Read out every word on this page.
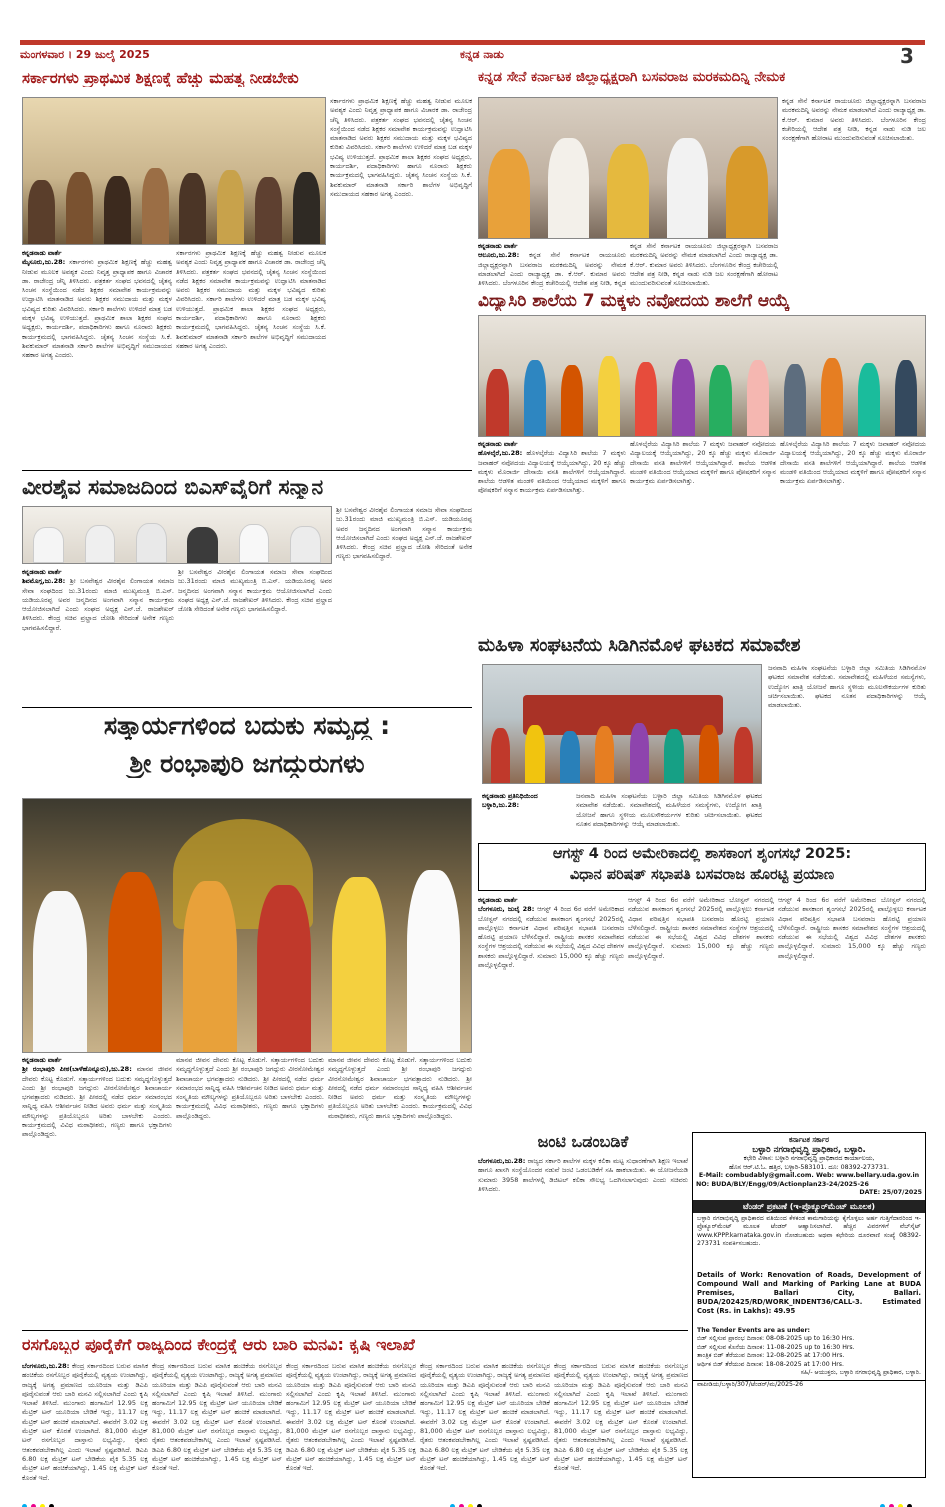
ಮಂಗಳವಾರ । 29 ಜುಲೈ 2025	ಕನ್ನಡ ನಾಡು	3
ಸರ್ಕಾರಗಳು ಪ್ರಾಥಮಿಕ ಶಿಕ್ಷಣಕ್ಕೆ ಹೆಚ್ಚು ಮಹತ್ವ ನೀಡಬೇಕು
ಕನ್ನಡನಾಡು ವಾರ್ತೆ
ಮೈಸೂರು,ಜು.28: ಸರ್ಕಾರಗಳು ಪ್ರಾಥಮಿಕ ಶಿಕ್ಷಣಕ್ಕೆ ಹೆಚ್ಚು ಮಹತ್ವ ನೀಡುವ ಮೂಲಕ ಅವಶ್ಯಕ ಎಂದು ನಿವೃತ್ತ ಪ್ರಾಧ್ಯಾಪಕ ಹಾಗೂ ವಿಚಾರಕ ಡಾ. ರಾಜೇಂದ್ರ ಚೆನ್ನಿ ತಿಳಿಸಿದರು. ಪತ್ರಕರ್ತ ಸಂಘದ ಭವನದಲ್ಲಿ ಚೈತನ್ಯ ಸಿಂಚನ ಸಂಸ್ಥೆಯಿಂದ ನಡೆದ ಶಿಕ್ಷಕರ ಸಮಾವೇಶ ಕಾರ್ಯಕ್ರಮವನ್ನು ಉದ್ಘಾಟಿಸಿ ಮಾತನಾಡಿದ ಅವರು ಶಿಕ್ಷಕರ ಸಮುದಾಯ ಮತ್ತು ಮಕ್ಕಳ ಭವಿಷ್ಯದ ಕುರಿತು ವಿವರಿಸಿದರು. ಸರ್ಕಾರಿ ಶಾಲೆಗಳು ಉಳಿದರೆ ಮಾತ್ರ ಬಡ ಮಕ್ಕಳ ಭವಿಷ್ಯ ಉಳಿಯುತ್ತದೆ. ಪ್ರಾಥಮಿಕ ಶಾಲಾ ಶಿಕ್ಷಕರ ಸಂಘದ ಅಧ್ಯಕ್ಷರು, ಕಾರ್ಯದರ್ಶಿ, ಪದಾಧಿಕಾರಿಗಳು ಹಾಗೂ ನೂರಾರು ಶಿಕ್ಷಕರು ಕಾರ್ಯಕ್ರಮದಲ್ಲಿ ಭಾಗವಹಿಸಿದ್ದರು. ಚೈತನ್ಯ ಸಿಂಚನ ಸಂಸ್ಥೆಯ ಸಿ.ಕೆ. ಶಿವಕುಮಾರ್ ಮಾತನಾಡಿ ಸರ್ಕಾರಿ ಶಾಲೆಗಳ ಅಭಿವೃದ್ಧಿಗೆ ಸಮುದಾಯದ ಸಹಕಾರ ಅಗತ್ಯ ಎಂದರು.
ಸರ್ಕಾರಗಳು ಪ್ರಾಥಮಿಕ ಶಿಕ್ಷಣಕ್ಕೆ ಹೆಚ್ಚು ಮಹತ್ವ ನೀಡುವ ಮೂಲಕ ಅವಶ್ಯಕ ಎಂದು ನಿವೃತ್ತ ಪ್ರಾಧ್ಯಾಪಕ ಹಾಗೂ ವಿಚಾರಕ ಡಾ. ರಾಜೇಂದ್ರ ಚೆನ್ನಿ ತಿಳಿಸಿದರು. ಪತ್ರಕರ್ತ ಸಂಘದ ಭವನದಲ್ಲಿ ಚೈತನ್ಯ ಸಿಂಚನ ಸಂಸ್ಥೆಯಿಂದ ನಡೆದ ಶಿಕ್ಷಕರ ಸಮಾವೇಶ ಕಾರ್ಯಕ್ರಮವನ್ನು ಉದ್ಘಾಟಿಸಿ ಮಾತನಾಡಿದ ಅವರು ಶಿಕ್ಷಕರ ಸಮುದಾಯ ಮತ್ತು ಮಕ್ಕಳ ಭವಿಷ್ಯದ ಕುರಿತು ವಿವರಿಸಿದರು. ಸರ್ಕಾರಿ ಶಾಲೆಗಳು ಉಳಿದರೆ ಮಾತ್ರ ಬಡ ಮಕ್ಕಳ ಭವಿಷ್ಯ ಉಳಿಯುತ್ತದೆ. ಪ್ರಾಥಮಿಕ ಶಾಲಾ ಶಿಕ್ಷಕರ ಸಂಘದ ಅಧ್ಯಕ್ಷರು, ಕಾರ್ಯದರ್ಶಿ, ಪದಾಧಿಕಾರಿಗಳು ಹಾಗೂ ನೂರಾರು ಶಿಕ್ಷಕರು ಕಾರ್ಯಕ್ರಮದಲ್ಲಿ ಭಾಗವಹಿಸಿದ್ದರು. ಚೈತನ್ಯ ಸಿಂಚನ ಸಂಸ್ಥೆಯ ಸಿ.ಕೆ. ಶಿವಕುಮಾರ್ ಮಾತನಾಡಿ ಸರ್ಕಾರಿ ಶಾಲೆಗಳ ಅಭಿವೃದ್ಧಿಗೆ ಸಮುದಾಯದ ಸಹಕಾರ ಅಗತ್ಯ ಎಂದರು.
ಸರ್ಕಾರಗಳು ಪ್ರಾಥಮಿಕ ಶಿಕ್ಷಣಕ್ಕೆ ಹೆಚ್ಚು ಮಹತ್ವ ನೀಡುವ ಮೂಲಕ ಅವಶ್ಯಕ ಎಂದು ನಿವೃತ್ತ ಪ್ರಾಧ್ಯಾಪಕ ಹಾಗೂ ವಿಚಾರಕ ಡಾ. ರಾಜೇಂದ್ರ ಚೆನ್ನಿ ತಿಳಿಸಿದರು. ಪತ್ರಕರ್ತ ಸಂಘದ ಭವನದಲ್ಲಿ ಚೈತನ್ಯ ಸಿಂಚನ ಸಂಸ್ಥೆಯಿಂದ ನಡೆದ ಶಿಕ್ಷಕರ ಸಮಾವೇಶ ಕಾರ್ಯಕ್ರಮವನ್ನು ಉದ್ಘಾಟಿಸಿ ಮಾತನಾಡಿದ ಅವರು ಶಿಕ್ಷಕರ ಸಮುದಾಯ ಮತ್ತು ಮಕ್ಕಳ ಭವಿಷ್ಯದ ಕುರಿತು ವಿವರಿಸಿದರು. ಸರ್ಕಾರಿ ಶಾಲೆಗಳು ಉಳಿದರೆ ಮಾತ್ರ ಬಡ ಮಕ್ಕಳ ಭವಿಷ್ಯ ಉಳಿಯುತ್ತದೆ. ಪ್ರಾಥಮಿಕ ಶಾಲಾ ಶಿಕ್ಷಕರ ಸಂಘದ ಅಧ್ಯಕ್ಷರು, ಕಾರ್ಯದರ್ಶಿ, ಪದಾಧಿಕಾರಿಗಳು ಹಾಗೂ ನೂರಾರು ಶಿಕ್ಷಕರು ಕಾರ್ಯಕ್ರಮದಲ್ಲಿ ಭಾಗವಹಿಸಿದ್ದರು. ಚೈತನ್ಯ ಸಿಂಚನ ಸಂಸ್ಥೆಯ ಸಿ.ಕೆ. ಶಿವಕುಮಾರ್ ಮಾತನಾಡಿ ಸರ್ಕಾರಿ ಶಾಲೆಗಳ ಅಭಿವೃದ್ಧಿಗೆ ಸಮುದಾಯದ ಸಹಕಾರ ಅಗತ್ಯ ಎಂದರು.
ಕನ್ನಡ ಸೇನೆ ಕರ್ನಾಟಕ ಜಿಲ್ಲಾಧ್ಯಕ್ಷರಾಗಿ ಬಸವರಾಜ ಮರಕಮದಿನ್ನಿ ನೇಮಕ
ಕನ್ನಡ ಸೇನೆ ಕರ್ನಾಟಕ ರಾಯಚೂರು ಜಿಲ್ಲಾಧ್ಯಕ್ಷರನ್ನಾಗಿ ಬಸವರಾಜ ಮರಕಮದಿನ್ನಿ ಅವರನ್ನು ನೇಮಕ ಮಾಡಲಾಗಿದೆ ಎಂದು ರಾಜ್ಯಾಧ್ಯಕ್ಷ ಡಾ. ಕೆ.ಆರ್. ಕುಮಾರ ಅವರು ತಿಳಿಸಿದರು. ಬೆಂಗಳೂರಿನ ಕೇಂದ್ರ ಕಚೇರಿಯಲ್ಲಿ ಆದೇಶ ಪತ್ರ ನೀಡಿ, ಕನ್ನಡ ನಾಡು ನುಡಿ ಜಲ ಸಂರಕ್ಷಣೆಗಾಗಿ ಹೋರಾಟ ಮುಂದುವರಿಸುವಂತೆ ಸೂಚಿಸಲಾಯಿತು.
ಕನ್ನಡನಾಡು ವಾರ್ತೆ
ಆಲೂರು,ಜು.28: ಕನ್ನಡ ಸೇನೆ ಕರ್ನಾಟಕ ರಾಯಚೂರು ಜಿಲ್ಲಾಧ್ಯಕ್ಷರನ್ನಾಗಿ ಬಸವರಾಜ ಮರಕಮದಿನ್ನಿ ಅವರನ್ನು ನೇಮಕ ಮಾಡಲಾಗಿದೆ ಎಂದು ರಾಜ್ಯಾಧ್ಯಕ್ಷ ಡಾ. ಕೆ.ಆರ್. ಕುಮಾರ ಅವರು ತಿಳಿಸಿದರು. ಬೆಂಗಳೂರಿನ ಕೇಂದ್ರ ಕಚೇರಿಯಲ್ಲಿ ಆದೇಶ ಪತ್ರ ನೀಡಿ, ಕನ್ನಡ
ಕನ್ನಡ ಸೇನೆ ಕರ್ನಾಟಕ ರಾಯಚೂರು ಜಿಲ್ಲಾಧ್ಯಕ್ಷರನ್ನಾಗಿ ಬಸವರಾಜ ಮರಕಮದಿನ್ನಿ ಅವರನ್ನು ನೇಮಕ ಮಾಡಲಾಗಿದೆ ಎಂದು ರಾಜ್ಯಾಧ್ಯಕ್ಷ ಡಾ. ಕೆ.ಆರ್. ಕುಮಾರ ಅವರು ತಿಳಿಸಿದರು. ಬೆಂಗಳೂರಿನ ಕೇಂದ್ರ ಕಚೇರಿಯಲ್ಲಿ ಆದೇಶ ಪತ್ರ ನೀಡಿ, ಕನ್ನಡ ನಾಡು ನುಡಿ ಜಲ ಸಂರಕ್ಷಣೆಗಾಗಿ ಹೋರಾಟ ಮುಂದುವರಿಸುವಂತೆ ಸೂಚಿಸಲಾಯಿತು.
ವಿದ್ಯಾಸಿರಿ ಶಾಲೆಯ 7 ಮಕ್ಕಳು ನವೋದಯ ಶಾಲೆಗೆ ಆಯ್ಕೆ
ಕನ್ನಡನಾಡು ವಾರ್ತೆ
ಹೊಳಲ್ಕೆರೆ,ಜು.28: ಹೊಳಲ್ಕೆರೆಯ ವಿದ್ಯಾಸಿರಿ ಶಾಲೆಯ 7 ಮಕ್ಕಳು ಜವಾಹರ್ ನವೋದಯ ವಿದ್ಯಾಲಯಕ್ಕೆ ಆಯ್ಕೆಯಾಗಿದ್ದು, 20 ಕ್ಕೂ ಹೆಚ್ಚು ಮಕ್ಕಳು ಮೊರಾರ್ಜಿ ದೇಸಾಯಿ ವಸತಿ ಶಾಲೆಗಳಿಗೆ ಆಯ್ಕೆಯಾಗಿದ್ದಾರೆ. ಶಾಲೆಯ ಆಡಳಿತ ಮಂಡಳಿ ವತಿಯಿಂದ ಆಯ್ಕೆಯಾದ ಮಕ್ಕಳಿಗೆ ಹಾಗೂ ಪೋಷಕರಿಗೆ ಸನ್ಮಾನ ಕಾರ್ಯಕ್ರಮ ಏರ್ಪಡಿಸಲಾಗಿತ್ತು.
ಹೊಳಲ್ಕೆರೆಯ ವಿದ್ಯಾಸಿರಿ ಶಾಲೆಯ 7 ಮಕ್ಕಳು ಜವಾಹರ್ ನವೋದಯ ವಿದ್ಯಾಲಯಕ್ಕೆ ಆಯ್ಕೆಯಾಗಿದ್ದು, 20 ಕ್ಕೂ ಹೆಚ್ಚು ಮಕ್ಕಳು ಮೊರಾರ್ಜಿ ದೇಸಾಯಿ ವಸತಿ ಶಾಲೆಗಳಿಗೆ ಆಯ್ಕೆಯಾಗಿದ್ದಾರೆ. ಶಾಲೆಯ ಆಡಳಿತ ಮಂಡಳಿ ವತಿಯಿಂದ ಆಯ್ಕೆಯಾದ ಮಕ್ಕಳಿಗೆ ಹಾಗೂ ಪೋಷಕರಿಗೆ ಸನ್ಮಾನ ಕಾರ್ಯಕ್ರಮ ಏರ್ಪಡಿಸಲಾಗಿತ್ತು.
ಹೊಳಲ್ಕೆರೆಯ ವಿದ್ಯಾಸಿರಿ ಶಾಲೆಯ 7 ಮಕ್ಕಳು ಜವಾಹರ್ ನವೋದಯ ವಿದ್ಯಾಲಯಕ್ಕೆ ಆಯ್ಕೆಯಾಗಿದ್ದು, 20 ಕ್ಕೂ ಹೆಚ್ಚು ಮಕ್ಕಳು ಮೊರಾರ್ಜಿ ದೇಸಾಯಿ ವಸತಿ ಶಾಲೆಗಳಿಗೆ ಆಯ್ಕೆಯಾಗಿದ್ದಾರೆ. ಶಾಲೆಯ ಆಡಳಿತ ಮಂಡಳಿ ವತಿಯಿಂದ ಆಯ್ಕೆಯಾದ ಮಕ್ಕಳಿಗೆ ಹಾಗೂ ಪೋಷಕರಿಗೆ ಸನ್ಮಾನ ಕಾರ್ಯಕ್ರಮ ಏರ್ಪಡಿಸಲಾಗಿತ್ತು.
ವೀರಶೈವ ಸಮಾಜದಿಂದ ಬಿಎಸ್‌ವೈರಿಗೆ ಸನ್ಮಾನ
ಶ್ರೀ ಬಸವೇಶ್ವರ ವೀರಶೈವ ಲಿಂಗಾಯತ ಸಮಾಜ ಸೇವಾ ಸಂಘದಿಂದ ಜು.31ರಂದು ಮಾಜಿ ಮುಖ್ಯಮಂತ್ರಿ ಬಿ.ಎಸ್. ಯಡಿಯೂರಪ್ಪ ಅವರ ಜನ್ಮದಿನದ ಅಂಗವಾಗಿ ಸನ್ಮಾನ ಕಾರ್ಯಕ್ರಮ ಆಯೋಜಿಸಲಾಗಿದೆ ಎಂದು ಸಂಘದ ಅಧ್ಯಕ್ಷ ಎನ್.ಜೆ. ರಾಜಶೇಖರ್ ತಿಳಿಸಿದರು. ಕೇಂದ್ರ ಸಚಿವ ಪ್ರಲ್ಹಾದ ಜೋಶಿ ಸೇರಿದಂತೆ ಅನೇಕ ಗಣ್ಯರು ಭಾಗವಹಿಸಲಿದ್ದಾರೆ.
ಕನ್ನಡನಾಡು ವಾರ್ತೆ
ಶಿವಮೊಗ್ಗ,ಜು.28: ಶ್ರೀ ಬಸವೇಶ್ವರ ವೀರಶೈವ ಲಿಂಗಾಯತ ಸಮಾಜ ಸೇವಾ ಸಂಘದಿಂದ ಜು.31ರಂದು ಮಾಜಿ ಮುಖ್ಯಮಂತ್ರಿ ಬಿ.ಎಸ್. ಯಡಿಯೂರಪ್ಪ ಅವರ ಜನ್ಮದಿನದ ಅಂಗವಾಗಿ ಸನ್ಮಾನ ಕಾರ್ಯಕ್ರಮ ಆಯೋಜಿಸಲಾಗಿದೆ ಎಂದು ಸಂಘದ ಅಧ್ಯಕ್ಷ ಎನ್.ಜೆ. ರಾಜಶೇಖರ್ ತಿಳಿಸಿದರು. ಕೇಂದ್ರ ಸಚಿವ ಪ್ರಲ್ಹಾದ ಜೋಶಿ ಸೇರಿದಂತೆ ಅನೇಕ ಗಣ್ಯರು ಭಾಗವಹಿಸಲಿದ್ದಾರೆ.
ಶ್ರೀ ಬಸವೇಶ್ವರ ವೀರಶೈವ ಲಿಂಗಾಯತ ಸಮಾಜ ಸೇವಾ ಸಂಘದಿಂದ ಜು.31ರಂದು ಮಾಜಿ ಮುಖ್ಯಮಂತ್ರಿ ಬಿ.ಎಸ್. ಯಡಿಯೂರಪ್ಪ ಅವರ ಜನ್ಮದಿನದ ಅಂಗವಾಗಿ ಸನ್ಮಾನ ಕಾರ್ಯಕ್ರಮ ಆಯೋಜಿಸಲಾಗಿದೆ ಎಂದು ಸಂಘದ ಅಧ್ಯಕ್ಷ ಎನ್.ಜೆ. ರಾಜಶೇಖರ್ ತಿಳಿಸಿದರು. ಕೇಂದ್ರ ಸಚಿವ ಪ್ರಲ್ಹಾದ ಜೋಶಿ ಸೇರಿದಂತೆ ಅನೇಕ ಗಣ್ಯರು ಭಾಗವಹಿಸಲಿದ್ದಾರೆ.
ಮಹಿಳಾ ಸಂಘಟನೆಯ ಸಿಡಿಗಿನಮೊಳ ಘಟಕದ ಸಮಾವೇಶ
ಜನವಾದಿ ಮಹಿಳಾ ಸಂಘಟನೆಯ ಬಳ್ಳಾರಿ ಜಿಲ್ಲಾ ಸಮಿತಿಯ ಸಿಡಿಗಿನಮೊಳ ಘಟಕದ ಸಮಾವೇಶ ನಡೆಯಿತು. ಸಮಾವೇಶದಲ್ಲಿ ಮಹಿಳೆಯರ ಸಮಸ್ಯೆಗಳು, ಉದ್ಯೋಗ ಖಾತ್ರಿ ಯೋಜನೆ ಹಾಗೂ ಸ್ಥಳೀಯ ಮೂಲಸೌಕರ್ಯಗಳ ಕುರಿತು ಚರ್ಚಿಸಲಾಯಿತು. ಘಟಕದ ನೂತನ ಪದಾಧಿಕಾರಿಗಳನ್ನು ಆಯ್ಕೆ ಮಾಡಲಾಯಿತು.
ಕನ್ನಡನಾಡು ಪ್ರತಿನಿಧಿಯಿಂದ
ಬಳ್ಳಾರಿ,ಜು.28:
ಜನವಾದಿ ಮಹಿಳಾ ಸಂಘಟನೆಯ ಬಳ್ಳಾರಿ ಜಿಲ್ಲಾ ಸಮಿತಿಯ ಸಿಡಿಗಿನಮೊಳ ಘಟಕದ ಸಮಾವೇಶ ನಡೆಯಿತು. ಸಮಾವೇಶದಲ್ಲಿ ಮಹಿಳೆಯರ ಸಮಸ್ಯೆಗಳು, ಉದ್ಯೋಗ ಖಾತ್ರಿ ಯೋಜನೆ ಹಾಗೂ ಸ್ಥಳೀಯ ಮೂಲಸೌಕರ್ಯಗಳ ಕುರಿತು ಚರ್ಚಿಸಲಾಯಿತು. ಘಟಕದ ನೂತನ ಪದಾಧಿಕಾರಿಗಳನ್ನು ಆಯ್ಕೆ ಮಾಡಲಾಯಿತು.
ಸತ್ಕಾರ್ಯಗಳಿಂದ ಬದುಕು ಸಮೃದ್ಧ :
ಶ್ರೀ ರಂಭಾಪುರಿ ಜಗದ್ಗುರುಗಳು
ಕನ್ನಡನಾಡು ವಾರ್ತೆ
ಶ್ರೀ ರಂಭಾಪುರಿ ಪೀಠ(ಬಾಳೆಹೊನ್ನೂರು),ಜು.28: ಮಾನವ ಜೀವನ ದೇವರು ಕೊಟ್ಟ ಕೊಡುಗೆ. ಸತ್ಕಾರ್ಯಗಳಿಂದ ಬದುಕು ಸಮೃದ್ಧಗೊಳ್ಳುತ್ತದೆ ಎಂದು ಶ್ರೀ ರಂಭಾಪುರಿ ಜಗದ್ಗುರು ವೀರಸೋಮೇಶ್ವರ ಶಿವಾಚಾರ್ಯ ಭಗವತ್ಪಾದರು ನುಡಿದರು. ಶ್ರೀ ಪೀಠದಲ್ಲಿ ನಡೆದ ಧರ್ಮ ಸಮಾರಂಭದ ಸಾನ್ನಿಧ್ಯ ವಹಿಸಿ ಆಶೀರ್ವಚನ ನೀಡಿದ ಅವರು ಧರ್ಮ ಮತ್ತು ಸಂಸ್ಕೃತಿಯ ಮೌಲ್ಯಗಳನ್ನು ಪ್ರತಿಯೊಬ್ಬರೂ ಅರಿತು ಬಾಳಬೇಕು ಎಂದರು. ಕಾರ್ಯಕ್ರಮದಲ್ಲಿ ವಿವಿಧ ಮಠಾಧೀಶರು, ಗಣ್ಯರು ಹಾಗೂ ಭಕ್ತಾದಿಗಳು ಪಾಲ್ಗೊಂಡಿದ್ದರು.
ಮಾನವ ಜೀವನ ದೇವರು ಕೊಟ್ಟ ಕೊಡುಗೆ. ಸತ್ಕಾರ್ಯಗಳಿಂದ ಬದುಕು ಸಮೃದ್ಧಗೊಳ್ಳುತ್ತದೆ ಎಂದು ಶ್ರೀ ರಂಭಾಪುರಿ ಜಗದ್ಗುರು ವೀರಸೋಮೇಶ್ವರ ಶಿವಾಚಾರ್ಯ ಭಗವತ್ಪಾದರು ನುಡಿದರು. ಶ್ರೀ ಪೀಠದಲ್ಲಿ ನಡೆದ ಧರ್ಮ ಸಮಾರಂಭದ ಸಾನ್ನಿಧ್ಯ ವಹಿಸಿ ಆಶೀರ್ವಚನ ನೀಡಿದ ಅವರು ಧರ್ಮ ಮತ್ತು ಸಂಸ್ಕೃತಿಯ ಮೌಲ್ಯಗಳನ್ನು ಪ್ರತಿಯೊಬ್ಬರೂ ಅರಿತು ಬಾಳಬೇಕು ಎಂದರು. ಕಾರ್ಯಕ್ರಮದಲ್ಲಿ ವಿವಿಧ ಮಠಾಧೀಶರು, ಗಣ್ಯರು ಹಾಗೂ ಭಕ್ತಾದಿಗಳು ಪಾಲ್ಗೊಂಡಿದ್ದರು.
ಮಾನವ ಜೀವನ ದೇವರು ಕೊಟ್ಟ ಕೊಡುಗೆ. ಸತ್ಕಾರ್ಯಗಳಿಂದ ಬದುಕು ಸಮೃದ್ಧಗೊಳ್ಳುತ್ತದೆ ಎಂದು ಶ್ರೀ ರಂಭಾಪುರಿ ಜಗದ್ಗುರು ವೀರಸೋಮೇಶ್ವರ ಶಿವಾಚಾರ್ಯ ಭಗವತ್ಪಾದರು ನುಡಿದರು. ಶ್ರೀ ಪೀಠದಲ್ಲಿ ನಡೆದ ಧರ್ಮ ಸಮಾರಂಭದ ಸಾನ್ನಿಧ್ಯ ವಹಿಸಿ ಆಶೀರ್ವಚನ ನೀಡಿದ ಅವರು ಧರ್ಮ ಮತ್ತು ಸಂಸ್ಕೃತಿಯ ಮೌಲ್ಯಗಳನ್ನು ಪ್ರತಿಯೊಬ್ಬರೂ ಅರಿತು ಬಾಳಬೇಕು ಎಂದರು. ಕಾರ್ಯಕ್ರಮದಲ್ಲಿ ವಿವಿಧ ಮಠಾಧೀಶರು, ಗಣ್ಯರು ಹಾಗೂ ಭಕ್ತಾದಿಗಳು ಪಾಲ್ಗೊಂಡಿದ್ದರು.
ಆಗಸ್ಟ್ 4 ರಿಂದ ಅಮೇರಿಕಾದಲ್ಲಿ ಶಾಸಕಾಂಗ ಶೃಂಗಸಭೆ 2025:
ವಿಧಾನ ಪರಿಷತ್ ಸಭಾಪತಿ ಬಸವರಾಜ ಹೊರಟ್ಟಿ ಪ್ರಯಾಣ
ಕನ್ನಡನಾಡು ವಾರ್ತೆ
ಬೆಂಗಳೂರು, ಜುಲೈ 28: ಆಗಸ್ಟ್ 4 ರಿಂದ 6ರ ವರೆಗೆ ಅಮೇರಿಕಾದ ಬೋಸ್ಟನ್ ನಗರದಲ್ಲಿ ನಡೆಯುವ ಶಾಸಕಾಂಗ ಶೃಂಗಸಭೆ 2025ರಲ್ಲಿ ಪಾಲ್ಗೊಳ್ಳಲು ಕರ್ನಾಟಕ ವಿಧಾನ ಪರಿಷತ್ತಿನ ಸಭಾಪತಿ ಬಸವರಾಜ ಹೊರಟ್ಟಿ ಪ್ರಯಾಣ ಬೆಳೆಸಲಿದ್ದಾರೆ. ರಾಷ್ಟ್ರೀಯ ಶಾಸಕರ ಸಮಾವೇಶದ ಸಂಸ್ಥೆಗಳ ಆಶ್ರಯದಲ್ಲಿ ನಡೆಯುವ ಈ ಸಭೆಯಲ್ಲಿ ವಿಶ್ವದ ವಿವಿಧ ದೇಶಗಳ ಶಾಸಕರು ಪಾಲ್ಗೊಳ್ಳಲಿದ್ದಾರೆ. ಸುಮಾರು 15,000 ಕ್ಕೂ ಹೆಚ್ಚು ಗಣ್ಯರು ಪಾಲ್ಗೊಳ್ಳಲಿದ್ದಾರೆ.
ಆಗಸ್ಟ್ 4 ರಿಂದ 6ರ ವರೆಗೆ ಅಮೇರಿಕಾದ ಬೋಸ್ಟನ್ ನಗರದಲ್ಲಿ ನಡೆಯುವ ಶಾಸಕಾಂಗ ಶೃಂಗಸಭೆ 2025ರಲ್ಲಿ ಪಾಲ್ಗೊಳ್ಳಲು ಕರ್ನಾಟಕ ವಿಧಾನ ಪರಿಷತ್ತಿನ ಸಭಾಪತಿ ಬಸವರಾಜ ಹೊರಟ್ಟಿ ಪ್ರಯಾಣ ಬೆಳೆಸಲಿದ್ದಾರೆ. ರಾಷ್ಟ್ರೀಯ ಶಾಸಕರ ಸಮಾವೇಶದ ಸಂಸ್ಥೆಗಳ ಆಶ್ರಯದಲ್ಲಿ ನಡೆಯುವ ಈ ಸಭೆಯಲ್ಲಿ ವಿಶ್ವದ ವಿವಿಧ ದೇಶಗಳ ಶಾಸಕರು ಪಾಲ್ಗೊಳ್ಳಲಿದ್ದಾರೆ. ಸುಮಾರು 15,000 ಕ್ಕೂ ಹೆಚ್ಚು ಗಣ್ಯರು ಪಾಲ್ಗೊಳ್ಳಲಿದ್ದಾರೆ.
ಆಗಸ್ಟ್ 4 ರಿಂದ 6ರ ವರೆಗೆ ಅಮೇರಿಕಾದ ಬೋಸ್ಟನ್ ನಗರದಲ್ಲಿ ನಡೆಯುವ ಶಾಸಕಾಂಗ ಶೃಂಗಸಭೆ 2025ರಲ್ಲಿ ಪಾಲ್ಗೊಳ್ಳಲು ಕರ್ನಾಟಕ ವಿಧಾನ ಪರಿಷತ್ತಿನ ಸಭಾಪತಿ ಬಸವರಾಜ ಹೊರಟ್ಟಿ ಪ್ರಯಾಣ ಬೆಳೆಸಲಿದ್ದಾರೆ. ರಾಷ್ಟ್ರೀಯ ಶಾಸಕರ ಸಮಾವೇಶದ ಸಂಸ್ಥೆಗಳ ಆಶ್ರಯದಲ್ಲಿ ನಡೆಯುವ ಈ ಸಭೆಯಲ್ಲಿ ವಿಶ್ವದ ವಿವಿಧ ದೇಶಗಳ ಶಾಸಕರು ಪಾಲ್ಗೊಳ್ಳಲಿದ್ದಾರೆ. ಸುಮಾರು 15,000 ಕ್ಕೂ ಹೆಚ್ಚು ಗಣ್ಯರು ಪಾಲ್ಗೊಳ್ಳಲಿದ್ದಾರೆ.
ಜಂಟಿ ಒಡಂಬಡಿಕೆ
ಬೆಂಗಳೂರು,ಜು.28: ರಾಜ್ಯದ ಸರ್ಕಾರಿ ಶಾಲೆಗಳ ಮಕ್ಕಳ ಕಲಿಕಾ ಮಟ್ಟ ಸುಧಾರಣೆಗಾಗಿ ಶಿಕ್ಷಣ ಇಲಾಖೆ ಹಾಗೂ ಖಾಸಗಿ ಸಂಸ್ಥೆಯೊಂದರ ನಡುವೆ ಜಂಟಿ ಒಡಂಬಡಿಕೆಗೆ ಸಹಿ ಹಾಕಲಾಯಿತು. ಈ ಯೋಜನೆಯಡಿ ಸುಮಾರು 3958 ಶಾಲೆಗಳಲ್ಲಿ ಡಿಜಿಟಲ್ ಕಲಿಕಾ ಸೌಲಭ್ಯ ಒದಗಿಸಲಾಗುವುದು ಎಂದು ಸಚಿವರು ತಿಳಿಸಿದರು.
ಕರ್ನಾಟಕ ಸರ್ಕಾರ
ಬಳ್ಳಾರಿ ನಗರಾಭಿವೃದ್ಧಿ ಪ್ರಾಧಿಕಾರ, ಬಳ್ಳಾರಿ.
ಕಛೇರಿ ವಿಳಾಸ: ಬಳ್ಳಾರಿ ನಗರಾಭಿವೃದ್ಧಿ ಪ್ರಾಧಿಕಾರದ ಕಾರ್ಯಾಲಯ,
ಹೊಸ ಆರ್.ಟಿ.ಓ. ಹತ್ತಿರ, ಬಳ್ಳಾರಿ-583101. ದೂ: 08392-273731.
E-Mail: combudably@gmail.com. Web: www.bellary.uda.gov.in
NO: BUDA/BLY/Engg/09/Actionplan23-24/2025-26
DATE: 25/07/2025
ಟೆಂಡರ್ ಪ್ರಕಟಣೆ (ಇ-ಪ್ರೊಕ್ಯೂರ್‌ಮೆಂಟ್ ಮೂಲಕ)
ಬಳ್ಳಾರಿ ನಗರಾಭಿವೃದ್ಧಿ ಪ್ರಾಧಿಕಾರದ ವತಿಯಿಂದ ಕೆಳಕಂಡ ಕಾಮಗಾರಿಯನ್ನು ಕೈಗೊಳ್ಳಲು ಅರ್ಹ ಗುತ್ತಿಗೆದಾರರಿಂದ ಇ-ಪ್ರೊಕ್ಯೂರ್‌ಮೆಂಟ್ ಮೂಲಕ ಟೆಂಡರ್ ಆಹ್ವಾನಿಸಲಾಗಿದೆ. ಹೆಚ್ಚಿನ ವಿವರಗಳಿಗೆ ವೆಬ್‌ಸೈಟ್ www.KPPP.karnataka.gov.in ನೋಡಬಹುದು ಅಥವಾ ಕಛೇರಿಯ ದೂರವಾಣಿ ಸಂಖ್ಯೆ 08392-273731 ಸಂಪರ್ಕಿಸಬಹುದು.
Details of Work: Renovation of Roads, Development of Compound Wall and Marking of Parking Lane at BUDA Premises, Ballari City, Ballari. BUDA/202425/RD/WORK_INDENT36/CALL-3. Estimated Cost (Rs. in Lakhs): 49.95
The Tender Events are as under:
ಬಿಡ್ ಸಲ್ಲಿಸುವ ಪ್ರಾರಂಭ ದಿನಾಂಕ: 08-08-2025 up to 16:30 Hrs.
ಬಿಡ್ ಸಲ್ಲಿಸುವ ಕೊನೆಯ ದಿನಾಂಕ: 11-08-2025 up to 16:30 Hrs.
ತಾಂತ್ರಿಕ ಬಿಡ್ ತೆರೆಯುವ ದಿನಾಂಕ: 12-08-2025 at 17:00 Hrs.
ಆರ್ಥಿಕ ಬಿಡ್ ತೆರೆಯುವ ದಿನಾಂಕ: 18-08-2025 at 17:00 Hrs.
ಸಹಿ/- ಆಯುಕ್ತರು, ಬಳ್ಳಾರಿ ನಗರಾಭಿವೃದ್ಧಿ ಪ್ರಾಧಿಕಾರ, ಬಳ್ಳಾರಿ.
ವಾಪೀಡಿಯ/ಬಳ್ಳಾರಿ/307/ಟೆಂಡರ್/ಮ/2025-26
ರಸಗೊಬ್ಬರ ಪೂರೈಕೆಗೆ ರಾಜ್ಯದಿಂದ ಕೇಂದ್ರಕ್ಕೆ ಆರು ಬಾರಿ ಮನವಿ: ಕೃಷಿ ಇಲಾಖೆ
ಬೆಂಗಳೂರು,ಜು.28: ಕೇಂದ್ರ ಸರ್ಕಾರದಿಂದ ಬರುವ ಮಾಸಿಕ ಹಂಚಿಕೆಯ ರಸಗೊಬ್ಬರ ಪೂರೈಕೆಯಲ್ಲಿ ವ್ಯತ್ಯಯ ಉಂಟಾಗಿದ್ದು, ರಾಜ್ಯಕ್ಕೆ ಅಗತ್ಯ ಪ್ರಮಾಣದ ಯೂರಿಯಾ ಮತ್ತು ಡಿಎಪಿ ಪೂರೈಸುವಂತೆ ಆರು ಬಾರಿ ಮನವಿ ಸಲ್ಲಿಸಲಾಗಿದೆ ಎಂದು ಕೃಷಿ ಇಲಾಖೆ ತಿಳಿಸಿದೆ. ಮುಂಗಾರು ಹಂಗಾಮಿಗೆ 12.95 ಲಕ್ಷ ಮೆಟ್ರಿಕ್ ಟನ್ ಯೂರಿಯಾ ಬೇಡಿಕೆ ಇದ್ದು, 11.17 ಲಕ್ಷ ಮೆಟ್ರಿಕ್ ಟನ್ ಹಂಚಿಕೆ ಮಾಡಲಾಗಿದೆ. ಈವರೆಗೆ 3.02 ಲಕ್ಷ ಮೆಟ್ರಿಕ್ ಟನ್ ಕೊರತೆ ಉಂಟಾಗಿದೆ. 81,000 ಮೆಟ್ರಿಕ್ ಟನ್ ರಸಗೊಬ್ಬರ ದಾಸ್ತಾನು ಲಭ್ಯವಿದ್ದು, ರೈತರು ಆತಂಕಪಡಬೇಕಾಗಿಲ್ಲ ಎಂದು ಇಲಾಖೆ ಸ್ಪಷ್ಟಪಡಿಸಿದೆ. ಡಿಎಪಿ 6.80 ಲಕ್ಷ ಮೆಟ್ರಿಕ್ ಟನ್ ಬೇಡಿಕೆಯ ಪೈಕಿ 5.35 ಲಕ್ಷ ಮೆಟ್ರಿಕ್ ಟನ್ ಹಂಚಿಕೆಯಾಗಿದ್ದು, 1.45 ಲಕ್ಷ ಮೆಟ್ರಿಕ್ ಟನ್ ಕೊರತೆ ಇದೆ.
ಕೇಂದ್ರ ಸರ್ಕಾರದಿಂದ ಬರುವ ಮಾಸಿಕ ಹಂಚಿಕೆಯ ರಸಗೊಬ್ಬರ ಪೂರೈಕೆಯಲ್ಲಿ ವ್ಯತ್ಯಯ ಉಂಟಾಗಿದ್ದು, ರಾಜ್ಯಕ್ಕೆ ಅಗತ್ಯ ಪ್ರಮಾಣದ ಯೂರಿಯಾ ಮತ್ತು ಡಿಎಪಿ ಪೂರೈಸುವಂತೆ ಆರು ಬಾರಿ ಮನವಿ ಸಲ್ಲಿಸಲಾಗಿದೆ ಎಂದು ಕೃಷಿ ಇಲಾಖೆ ತಿಳಿಸಿದೆ. ಮುಂಗಾರು ಹಂಗಾಮಿಗೆ 12.95 ಲಕ್ಷ ಮೆಟ್ರಿಕ್ ಟನ್ ಯೂರಿಯಾ ಬೇಡಿಕೆ ಇದ್ದು, 11.17 ಲಕ್ಷ ಮೆಟ್ರಿಕ್ ಟನ್ ಹಂಚಿಕೆ ಮಾಡಲಾಗಿದೆ. ಈವರೆಗೆ 3.02 ಲಕ್ಷ ಮೆಟ್ರಿಕ್ ಟನ್ ಕೊರತೆ ಉಂಟಾಗಿದೆ. 81,000 ಮೆಟ್ರಿಕ್ ಟನ್ ರಸಗೊಬ್ಬರ ದಾಸ್ತಾನು ಲಭ್ಯವಿದ್ದು, ರೈತರು ಆತಂಕಪಡಬೇಕಾಗಿಲ್ಲ ಎಂದು ಇಲಾಖೆ ಸ್ಪಷ್ಟಪಡಿಸಿದೆ. ಡಿಎಪಿ 6.80 ಲಕ್ಷ ಮೆಟ್ರಿಕ್ ಟನ್ ಬೇಡಿಕೆಯ ಪೈಕಿ 5.35 ಲಕ್ಷ ಮೆಟ್ರಿಕ್ ಟನ್ ಹಂಚಿಕೆಯಾಗಿದ್ದು, 1.45 ಲಕ್ಷ ಮೆಟ್ರಿಕ್ ಟನ್ ಕೊರತೆ ಇದೆ.
ಕೇಂದ್ರ ಸರ್ಕಾರದಿಂದ ಬರುವ ಮಾಸಿಕ ಹಂಚಿಕೆಯ ರಸಗೊಬ್ಬರ ಪೂರೈಕೆಯಲ್ಲಿ ವ್ಯತ್ಯಯ ಉಂಟಾಗಿದ್ದು, ರಾಜ್ಯಕ್ಕೆ ಅಗತ್ಯ ಪ್ರಮಾಣದ ಯೂರಿಯಾ ಮತ್ತು ಡಿಎಪಿ ಪೂರೈಸುವಂತೆ ಆರು ಬಾರಿ ಮನವಿ ಸಲ್ಲಿಸಲಾಗಿದೆ ಎಂದು ಕೃಷಿ ಇಲಾಖೆ ತಿಳಿಸಿದೆ. ಮುಂಗಾರು ಹಂಗಾಮಿಗೆ 12.95 ಲಕ್ಷ ಮೆಟ್ರಿಕ್ ಟನ್ ಯೂರಿಯಾ ಬೇಡಿಕೆ ಇದ್ದು, 11.17 ಲಕ್ಷ ಮೆಟ್ರಿಕ್ ಟನ್ ಹಂಚಿಕೆ ಮಾಡಲಾಗಿದೆ. ಈವರೆಗೆ 3.02 ಲಕ್ಷ ಮೆಟ್ರಿಕ್ ಟನ್ ಕೊರತೆ ಉಂಟಾಗಿದೆ. 81,000 ಮೆಟ್ರಿಕ್ ಟನ್ ರಸಗೊಬ್ಬರ ದಾಸ್ತಾನು ಲಭ್ಯವಿದ್ದು, ರೈತರು ಆತಂಕಪಡಬೇಕಾಗಿಲ್ಲ ಎಂದು ಇಲಾಖೆ ಸ್ಪಷ್ಟಪಡಿಸಿದೆ. ಡಿಎಪಿ 6.80 ಲಕ್ಷ ಮೆಟ್ರಿಕ್ ಟನ್ ಬೇಡಿಕೆಯ ಪೈಕಿ 5.35 ಲಕ್ಷ ಮೆಟ್ರಿಕ್ ಟನ್ ಹಂಚಿಕೆಯಾಗಿದ್ದು, 1.45 ಲಕ್ಷ ಮೆಟ್ರಿಕ್ ಟನ್ ಕೊರತೆ ಇದೆ.
ಕೇಂದ್ರ ಸರ್ಕಾರದಿಂದ ಬರುವ ಮಾಸಿಕ ಹಂಚಿಕೆಯ ರಸಗೊಬ್ಬರ ಪೂರೈಕೆಯಲ್ಲಿ ವ್ಯತ್ಯಯ ಉಂಟಾಗಿದ್ದು, ರಾಜ್ಯಕ್ಕೆ ಅಗತ್ಯ ಪ್ರಮಾಣದ ಯೂರಿಯಾ ಮತ್ತು ಡಿಎಪಿ ಪೂರೈಸುವಂತೆ ಆರು ಬಾರಿ ಮನವಿ ಸಲ್ಲಿಸಲಾಗಿದೆ ಎಂದು ಕೃಷಿ ಇಲಾಖೆ ತಿಳಿಸಿದೆ. ಮುಂಗಾರು ಹಂಗಾಮಿಗೆ 12.95 ಲಕ್ಷ ಮೆಟ್ರಿಕ್ ಟನ್ ಯೂರಿಯಾ ಬೇಡಿಕೆ ಇದ್ದು, 11.17 ಲಕ್ಷ ಮೆಟ್ರಿಕ್ ಟನ್ ಹಂಚಿಕೆ ಮಾಡಲಾಗಿದೆ. ಈವರೆಗೆ 3.02 ಲಕ್ಷ ಮೆಟ್ರಿಕ್ ಟನ್ ಕೊರತೆ ಉಂಟಾಗಿದೆ. 81,000 ಮೆಟ್ರಿಕ್ ಟನ್ ರಸಗೊಬ್ಬರ ದಾಸ್ತಾನು ಲಭ್ಯವಿದ್ದು, ರೈತರು ಆತಂಕಪಡಬೇಕಾಗಿಲ್ಲ ಎಂದು ಇಲಾಖೆ ಸ್ಪಷ್ಟಪಡಿಸಿದೆ. ಡಿಎಪಿ 6.80 ಲಕ್ಷ ಮೆಟ್ರಿಕ್ ಟನ್ ಬೇಡಿಕೆಯ ಪೈಕಿ 5.35 ಲಕ್ಷ ಮೆಟ್ರಿಕ್ ಟನ್ ಹಂಚಿಕೆಯಾಗಿದ್ದು, 1.45 ಲಕ್ಷ ಮೆಟ್ರಿಕ್ ಟನ್ ಕೊರತೆ ಇದೆ.
ಕೇಂದ್ರ ಸರ್ಕಾರದಿಂದ ಬರುವ ಮಾಸಿಕ ಹಂಚಿಕೆಯ ರಸಗೊಬ್ಬರ ಪೂರೈಕೆಯಲ್ಲಿ ವ್ಯತ್ಯಯ ಉಂಟಾಗಿದ್ದು, ರಾಜ್ಯಕ್ಕೆ ಅಗತ್ಯ ಪ್ರಮಾಣದ ಯೂರಿಯಾ ಮತ್ತು ಡಿಎಪಿ ಪೂರೈಸುವಂತೆ ಆರು ಬಾರಿ ಮನವಿ ಸಲ್ಲಿಸಲಾಗಿದೆ ಎಂದು ಕೃಷಿ ಇಲಾಖೆ ತಿಳಿಸಿದೆ. ಮುಂಗಾರು ಹಂಗಾಮಿಗೆ 12.95 ಲಕ್ಷ ಮೆಟ್ರಿಕ್ ಟನ್ ಯೂರಿಯಾ ಬೇಡಿಕೆ ಇದ್ದು, 11.17 ಲಕ್ಷ ಮೆಟ್ರಿಕ್ ಟನ್ ಹಂಚಿಕೆ ಮಾಡಲಾಗಿದೆ. ಈವರೆಗೆ 3.02 ಲಕ್ಷ ಮೆಟ್ರಿಕ್ ಟನ್ ಕೊರತೆ ಉಂಟಾಗಿದೆ. 81,000 ಮೆಟ್ರಿಕ್ ಟನ್ ರಸಗೊಬ್ಬರ ದಾಸ್ತಾನು ಲಭ್ಯವಿದ್ದು, ರೈತರು ಆತಂಕಪಡಬೇಕಾಗಿಲ್ಲ ಎಂದು ಇಲಾಖೆ ಸ್ಪಷ್ಟಪಡಿಸಿದೆ. ಡಿಎಪಿ 6.80 ಲಕ್ಷ ಮೆಟ್ರಿಕ್ ಟನ್ ಬೇಡಿಕೆಯ ಪೈಕಿ 5.35 ಲಕ್ಷ ಮೆಟ್ರಿಕ್ ಟನ್ ಹಂಚಿಕೆಯಾಗಿದ್ದು, 1.45 ಲಕ್ಷ ಮೆಟ್ರಿಕ್ ಟನ್ ಕೊರತೆ ಇದೆ.
